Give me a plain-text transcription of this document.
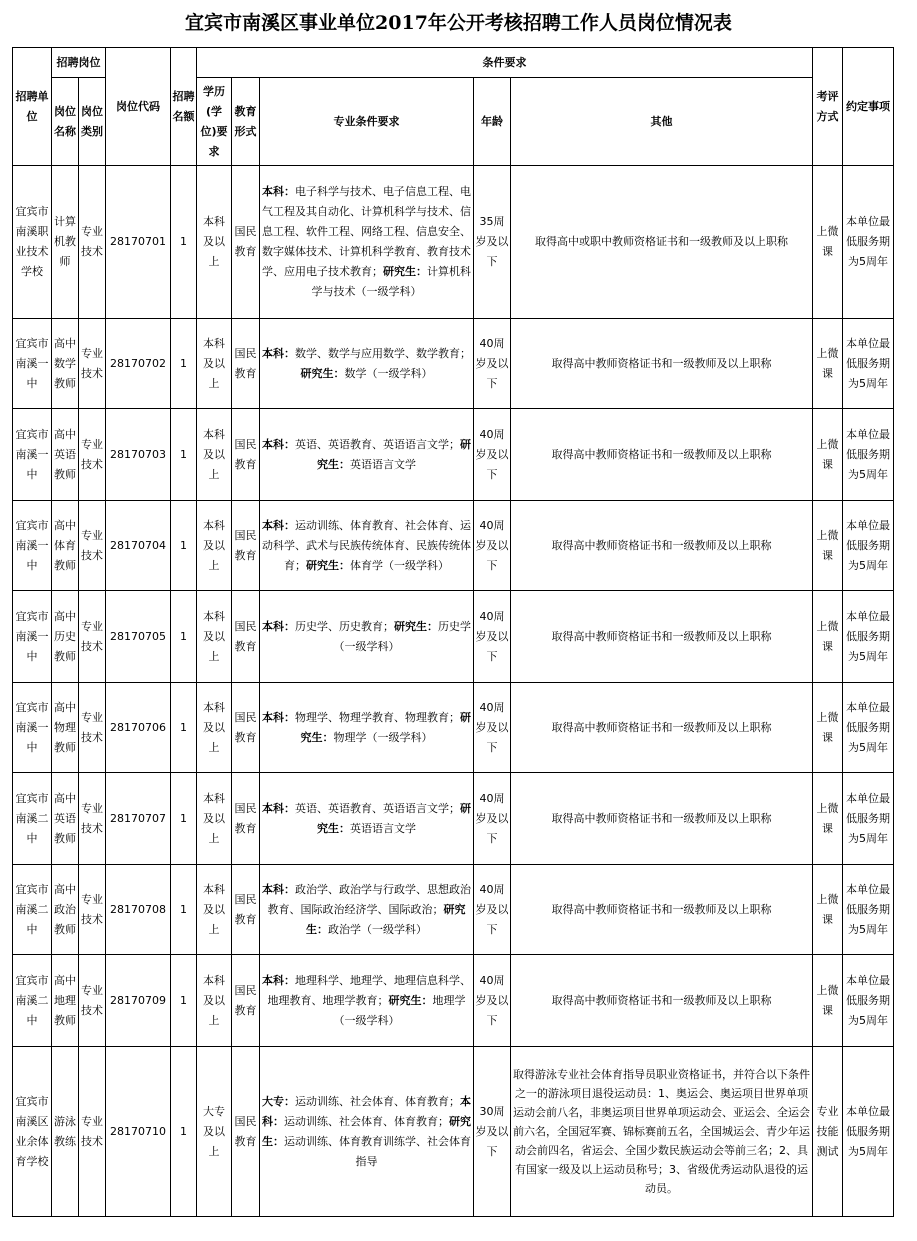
宜宾市南溪区事业单位2017年公开考核招聘工作人员岗位情况表
招聘单位	招聘岗位		岗位代码	招聘名额	条件要求					考评方式	约定事项
	岗位名称	岗位类别			学历(学位)要求	教育形式	专业条件要求	年龄	其他		
宜宾市南溪职业技术学校	计算机教师	专业技术	28170701	1	本科及以上	国民教育	本科：电子科学与技术、电子信息工程、电气工程及其自动化、计算机科学与技术、信息工程、软件工程、网络工程、信息安全、数字媒体技术、计算机科学教育、教育技术学、应用电子技术教育；研究生：计算机科学与技术（一级学科）	35周岁及以下	取得高中或职中教师资格证书和一级教师及以上职称	上微课	本单位最低服务期为5周年
宜宾市南溪一中	高中数学教师	专业技术	28170702	1	本科及以上	国民教育	本科：数学、数学与应用数学、数学教育；研究生：数学（一级学科）	40周岁及以下	取得高中教师资格证书和一级教师及以上职称	上微课	本单位最低服务期为5周年
宜宾市南溪一中	高中英语教师	专业技术	28170703	1	本科及以上	国民教育	本科：英语、英语教育、英语语言文学；研究生：英语语言文学	40周岁及以下	取得高中教师资格证书和一级教师及以上职称	上微课	本单位最低服务期为5周年
宜宾市南溪一中	高中体育教师	专业技术	28170704	1	本科及以上	国民教育	本科：运动训练、体育教育、社会体育、运动科学、武术与民族传统体育、民族传统体育；研究生：体育学（一级学科）	40周岁及以下	取得高中教师资格证书和一级教师及以上职称	上微课	本单位最低服务期为5周年
宜宾市南溪一中	高中历史教师	专业技术	28170705	1	本科及以上	国民教育	本科：历史学、历史教育；研究生：历史学（一级学科）	40周岁及以下	取得高中教师资格证书和一级教师及以上职称	上微课	本单位最低服务期为5周年
宜宾市南溪一中	高中物理教师	专业技术	28170706	1	本科及以上	国民教育	本科：物理学、物理学教育、物理教育；研究生：物理学（一级学科）	40周岁及以下	取得高中教师资格证书和一级教师及以上职称	上微课	本单位最低服务期为5周年
宜宾市南溪二中	高中英语教师	专业技术	28170707	1	本科及以上	国民教育	本科：英语、英语教育、英语语言文学；研究生：英语语言文学	40周岁及以下	取得高中教师资格证书和一级教师及以上职称	上微课	本单位最低服务期为5周年
宜宾市南溪二中	高中政治教师	专业技术	28170708	1	本科及以上	国民教育	本科：政治学、政治学与行政学、思想政治教育、国际政治经济学、国际政治；研究生：政治学（一级学科）	40周岁及以下	取得高中教师资格证书和一级教师及以上职称	上微课	本单位最低服务期为5周年
宜宾市南溪二中	高中地理教师	专业技术	28170709	1	本科及以上	国民教育	本科：地理科学、地理学、地理信息科学、地理教育、地理学教育；研究生：地理学（一级学科）	40周岁及以下	取得高中教师资格证书和一级教师及以上职称	上微课	本单位最低服务期为5周年
宜宾市南溪区业余体育学校	游泳教练	专业技术	28170710	1	大专及以上	国民教育	大专：运动训练、社会体育、体育教育；本科：运动训练、社会体育、体育教育；研究生：运动训练、体育教育训练学、社会体育指导	30周岁及以下	取得游泳专业社会体育指导员职业资格证书，并符合以下条件之一的游泳项目退役运动员：1、奥运会、奥运项目世界单项运动会前八名，非奥运项目世界单项运动会、亚运会、全运会前六名，全国冠军赛、锦标赛前五名，全国城运会、青少年运动会前四名，省运会、全国少数民族运动会等前三名；2、具有国家一级及以上运动员称号；3、省级优秀运动队退役的运动员。	专业技能测试	本单位最低服务期为5周年
